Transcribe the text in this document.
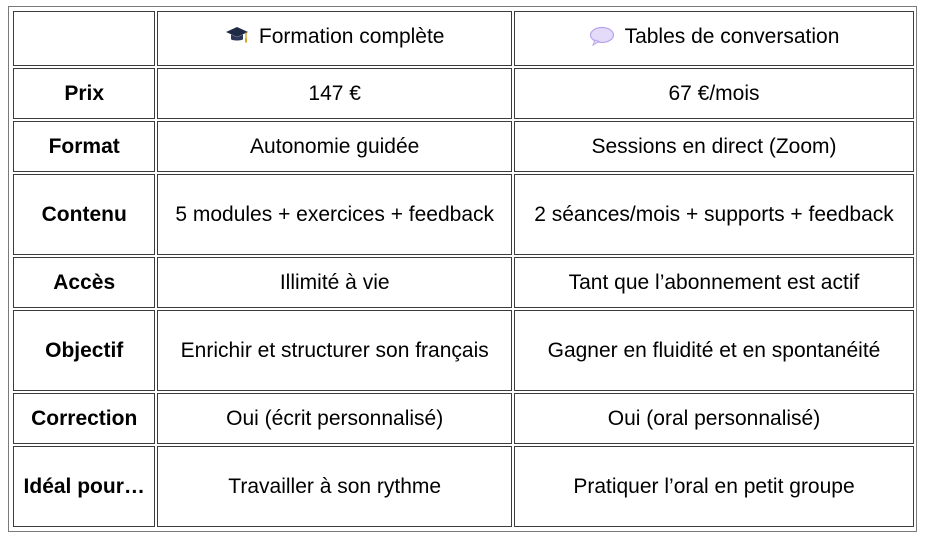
	Formation complète	Tables de conversation
Prix	147 €	67 €/mois
Format	Autonomie guidée	Sessions en direct (Zoom)
Contenu	5 modules + exercices + feedback	2 séances/mois + supports + feedback
Accès	Illimité à vie	Tant que l’abonnement est actif
Objectif	Enrichir et structurer son français	Gagner en fluidité et en spontanéité
Correction	Oui (écrit personnalisé)	Oui (oral personnalisé)
Idéal pour…	Travailler à son rythme	Pratiquer l’oral en petit groupe
